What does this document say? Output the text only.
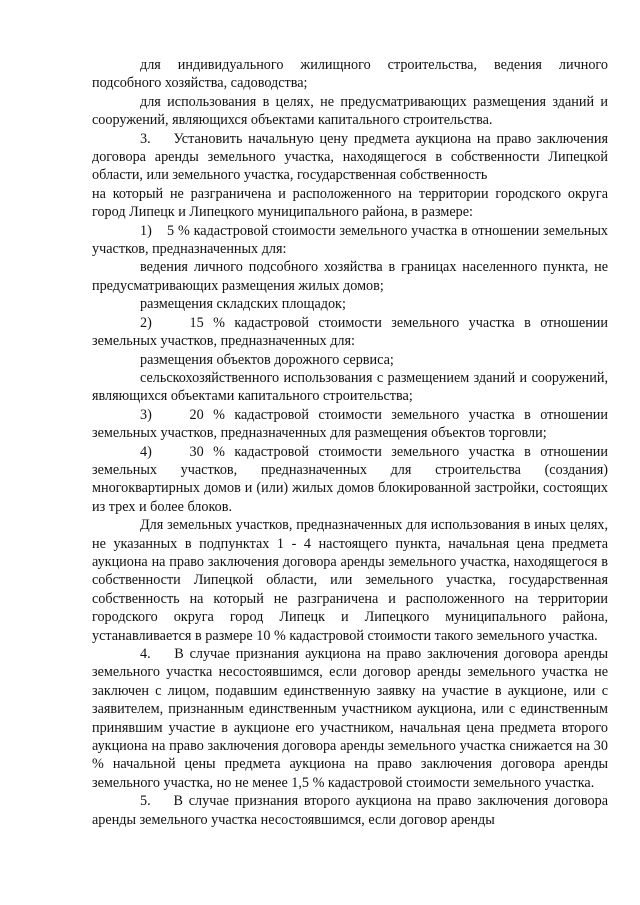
для индивидуального жилищного строительства, ведения личного подсобного хозяйства, садоводства;

для использования в целях, не предусматривающих размещения зданий и сооружений, являющихся объектами капитального строительства.

3.    Установить начальную цену предмета аукциона на право заключения договора аренды земельного участка, находящегося в собственности Липецкой области, или земельного участка, государственная собственность

на который не разграничена и расположенного на территории городского округа город Липецк и Липецкого муниципального района, в размере:

1)    5 % кадастровой стоимости земельного участка в отношении земельных участков, предназначенных для:

ведения личного подсобного хозяйства в границах населенного пункта, не предусматривающих размещения жилых домов;

размещения складских площадок;

2)    15 % кадастровой стоимости земельного участка в отношении земельных участков, предназначенных для:

размещения объектов дорожного сервиса;

сельскохозяйственного использования с размещением зданий и сооружений, являющихся объектами капитального строительства;

3)    20 % кадастровой стоимости земельного участка в отношении земельных участков, предназначенных для размещения объектов торговли;

4)    30 % кадастровой стоимости земельного участка в отношении земельных участков, предназначенных для строительства (создания) многоквартирных домов и (или) жилых домов блокированной застройки, состоящих из трех и более блоков.

Для земельных участков, предназначенных для использования в иных целях, не указанных в подпунктах 1 - 4 настоящего пункта, начальная цена предмета аукциона на право заключения договора аренды земельного участка, находящегося в собственности Липецкой области, или земельного участка, государственная собственность на который не разграничена и расположенного на территории городского округа город Липецк и Липецкого муниципального района, устанавливается в размере 10 % кадастровой стоимости такого земельного участка.

4.    В случае признания аукциона на право заключения договора аренды земельного участка несостоявшимся, если договор аренды земельного участка не заключен с лицом, подавшим единственную заявку на участие в аукционе, или с заявителем, признанным единственным участником аукциона, или с единственным принявшим участие в аукционе его участником, начальная цена предмета второго аукциона на право заключения договора аренды земельного участка снижается на 30 % начальной цены предмета аукциона на право заключения договора аренды земельного участка, но не менее 1,5 % кадастровой стоимости земельного участка.

5.    В случае признания второго аукциона на право заключения договора аренды земельного участка несостоявшимся, если договор аренды
